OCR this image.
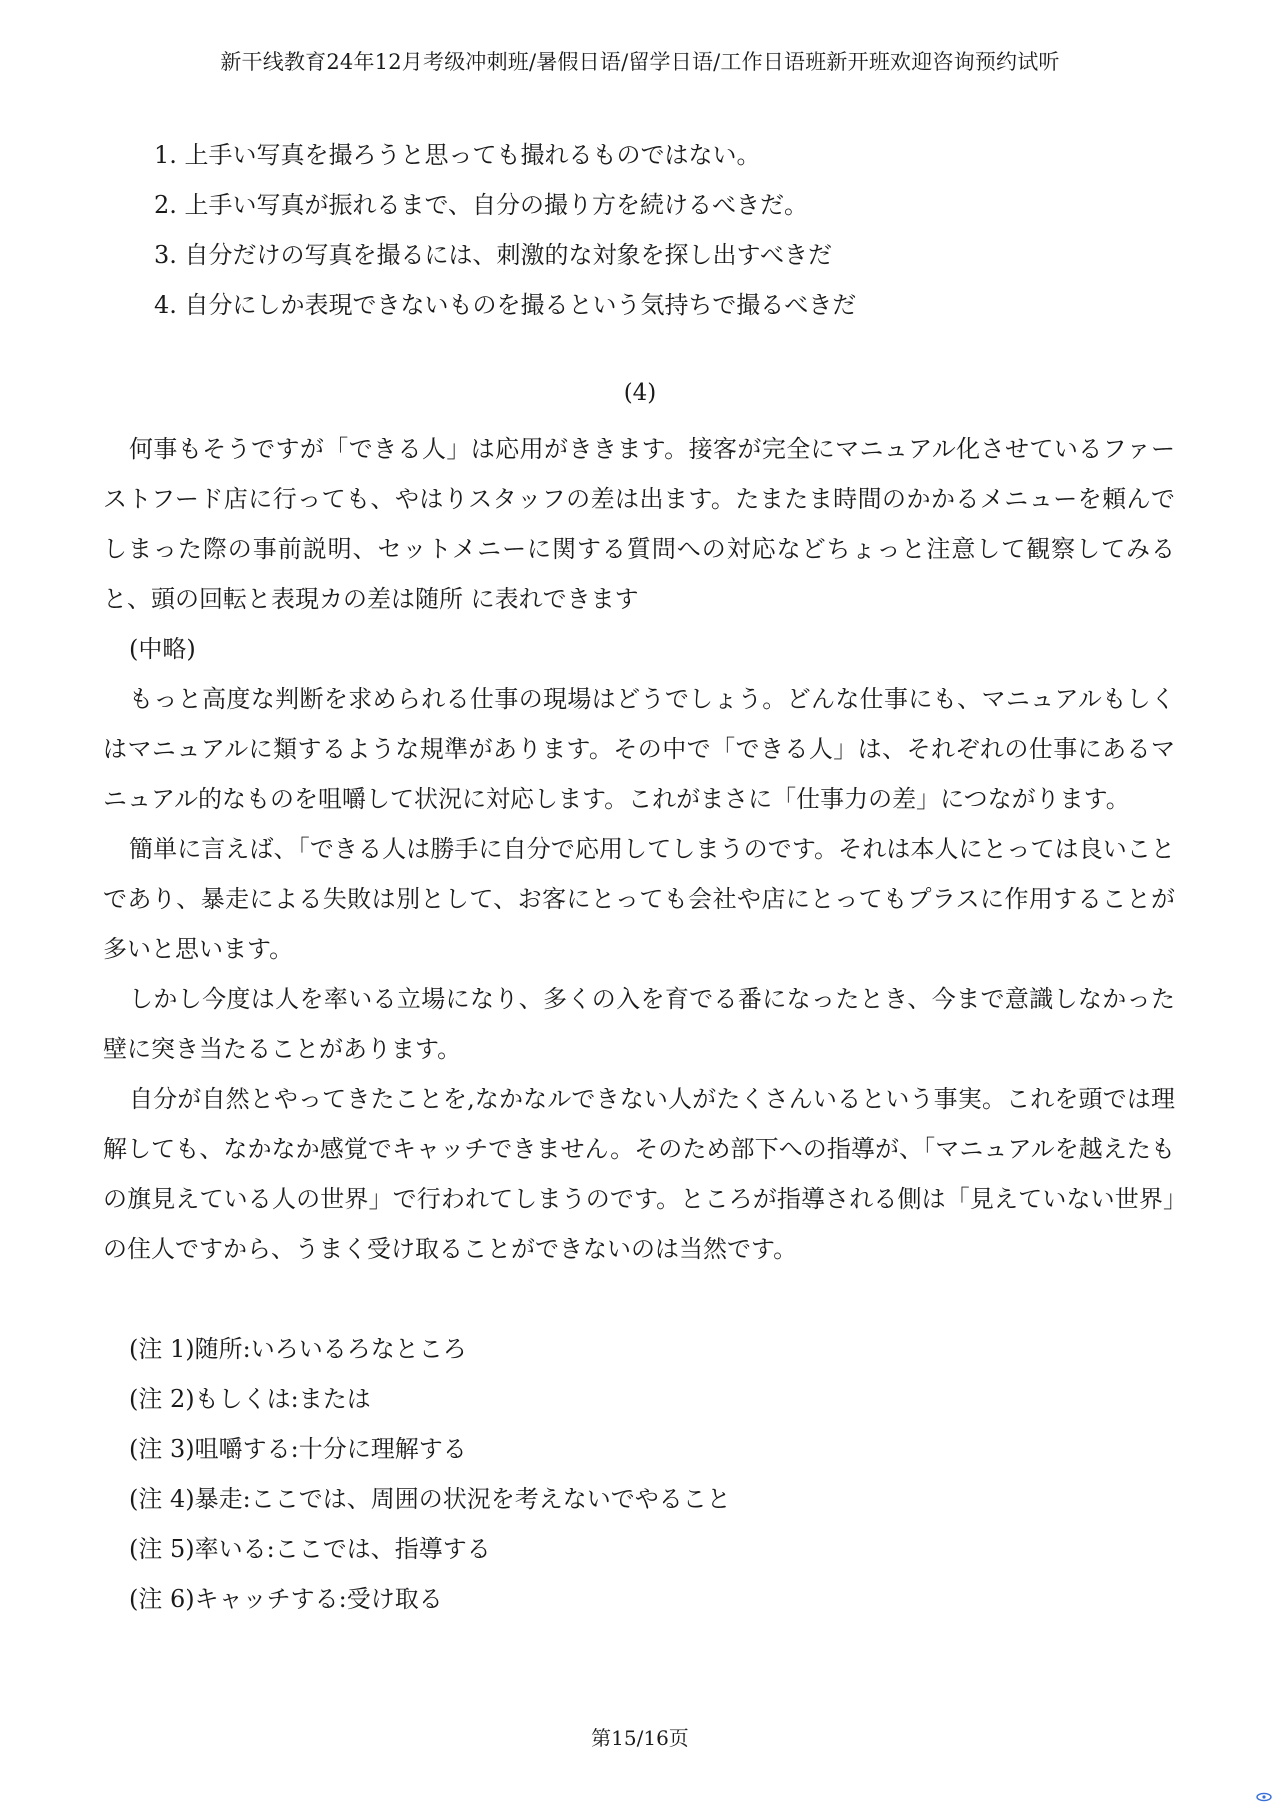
新干线教育24年12月考级冲刺班/暑假日语/留学日语/工作日语班新开班欢迎咨询预约试听
1. 上手い写真を撮ろうと思っても撮れるものではない。
2. 上手い写真が振れるまで、自分の撮り方を続けるべきだ。
3. 自分だけの写真を撮るには、刺激的な対象を探し出すべきだ
4. 自分にしか表現できないものを撮るという気持ちで撮るべきだ
(4)

何事もそうですが「できる人」は応用がききます。接客が完全にマニュアル化させているファーストフード店に行っても、やはりスタッフの差は出ます。たまたま時間のかかるメニューを頼んでしまった際の事前説明、セットメニーに関する質問への対応などちょっと注意して観察してみると、頭の回転と表現カの差は随所 に表れできます

(中略)

もっと高度な判断を求められる仕事の現場はどうでしょう。どんな仕事にも、マニュアルもしくはマニュアルに類するような規準があります。その中で「できる人」は、それぞれの仕事にあるマニュアル的なものを咀嚼して状況に対応します。これがまさに「仕事力の差」につながります。

簡単に言えば、「できる人は勝手に自分で応用してしまうのです。それは本人にとっては良いことであり、暴走による失敗は別として、お客にとっても会社や店にとってもプラスに作用することが多いと思います。

しかし今度は人を率いる立場になり、多くの入を育でる番になったとき、今まで意識しなかった壁に突き当たることがあります。

自分が自然とやってきたことを,なかなルできない人がたくさんいるという事実。これを頭では理解しても、なかなか感覚でキャッチできません。そのため部下への指導が、「マニュアルを越えたもの旗見えている人の世界」で行われてしまうのです。ところが指導される側は「見えていない世界」の住人ですから、うまく受け取ることができないのは当然です。

(注 1)随所:いろいるろなところ
(注 2)もしくは:または
(注 3)咀嚼する:十分に理解する
(注 4)暴走:ここでは、周囲の状況を考えないでやること
(注 5)率いる:ここでは、指導する
(注 6)キャッチする:受け取る
第15/16页
